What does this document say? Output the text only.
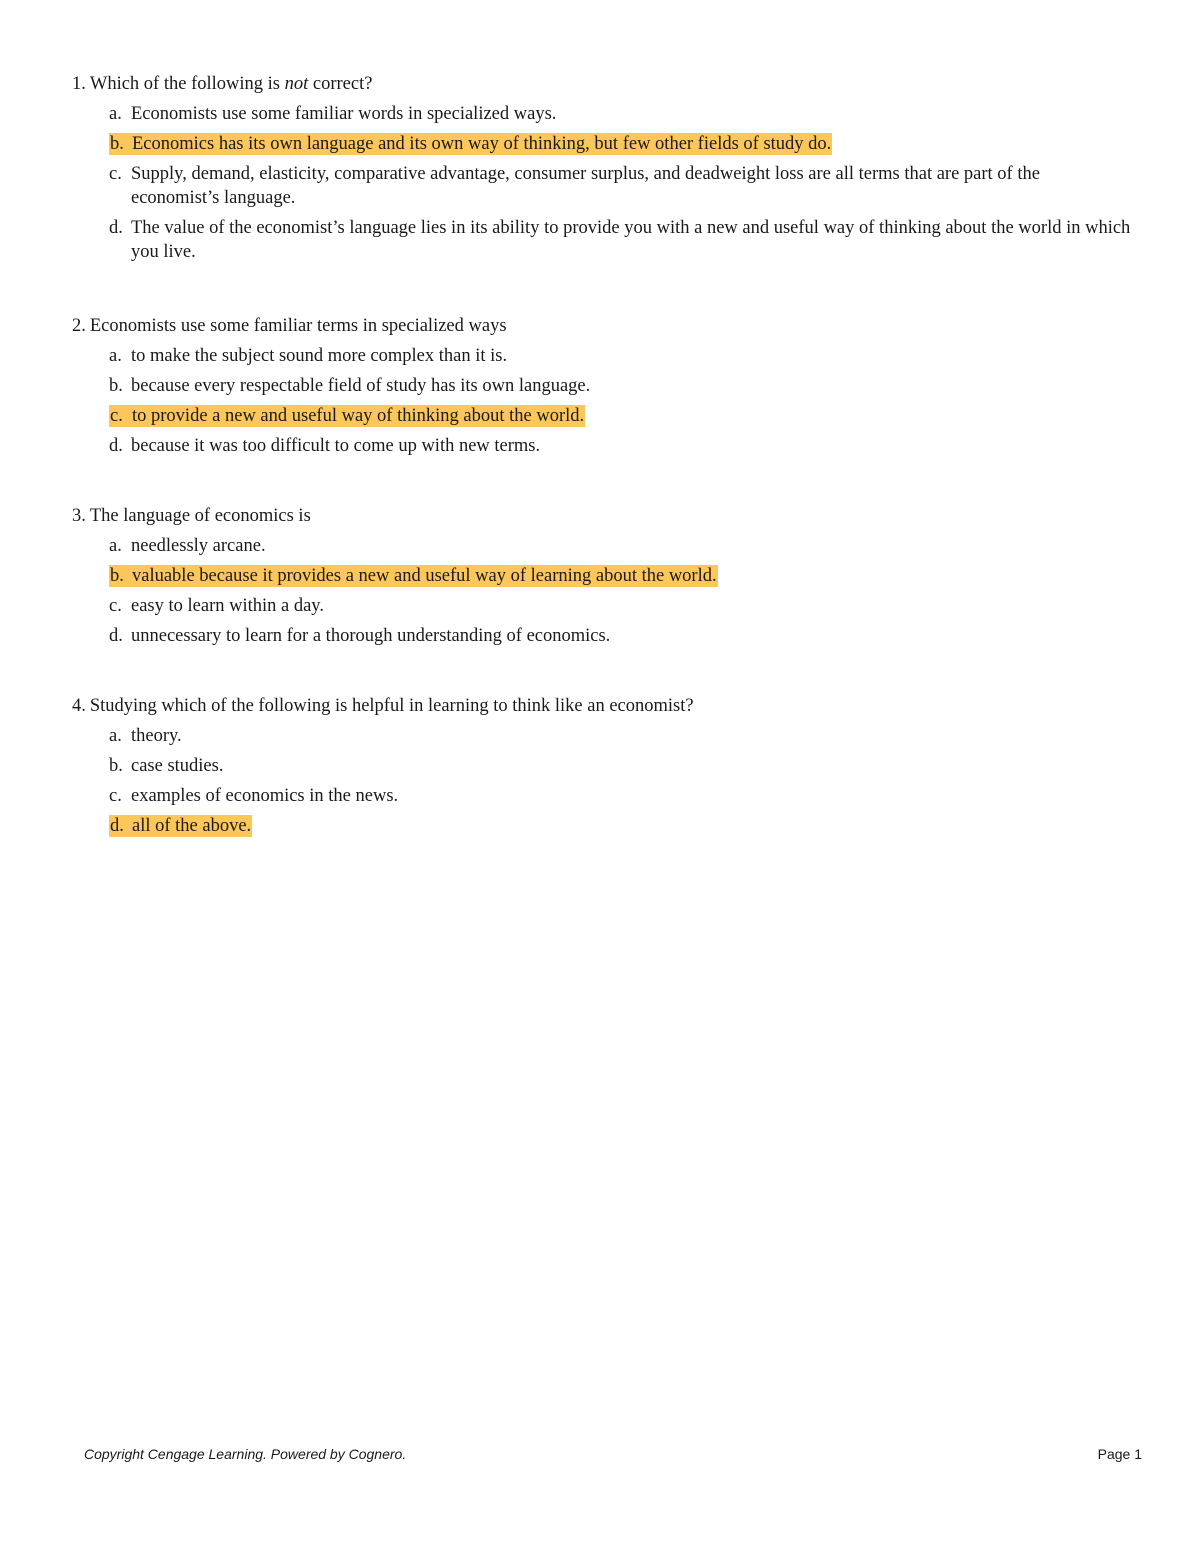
1. Which of the following is not correct?
a. Economists use some familiar words in specialized ways.
b. Economics has its own language and its own way of thinking, but few other fields of study do.
c. Supply, demand, elasticity, comparative advantage, consumer surplus, and deadweight loss are all terms that are part of the economist’s language.
d. The value of the economist’s language lies in its ability to provide you with a new and useful way of thinking about the world in which you live.
2. Economists use some familiar terms in specialized ways
a. to make the subject sound more complex than it is.
b. because every respectable field of study has its own language.
c. to provide a new and useful way of thinking about the world.
d. because it was too difficult to come up with new terms.
3. The language of economics is
a. needlessly arcane.
b. valuable because it provides a new and useful way of learning about the world.
c. easy to learn within a day.
d. unnecessary to learn for a thorough understanding of economics.
4. Studying which of the following is helpful in learning to think like an economist?
a. theory.
b. case studies.
c. examples of economics in the news.
d. all of the above.
Copyright Cengage Learning. Powered by Cognero.	Page 1
